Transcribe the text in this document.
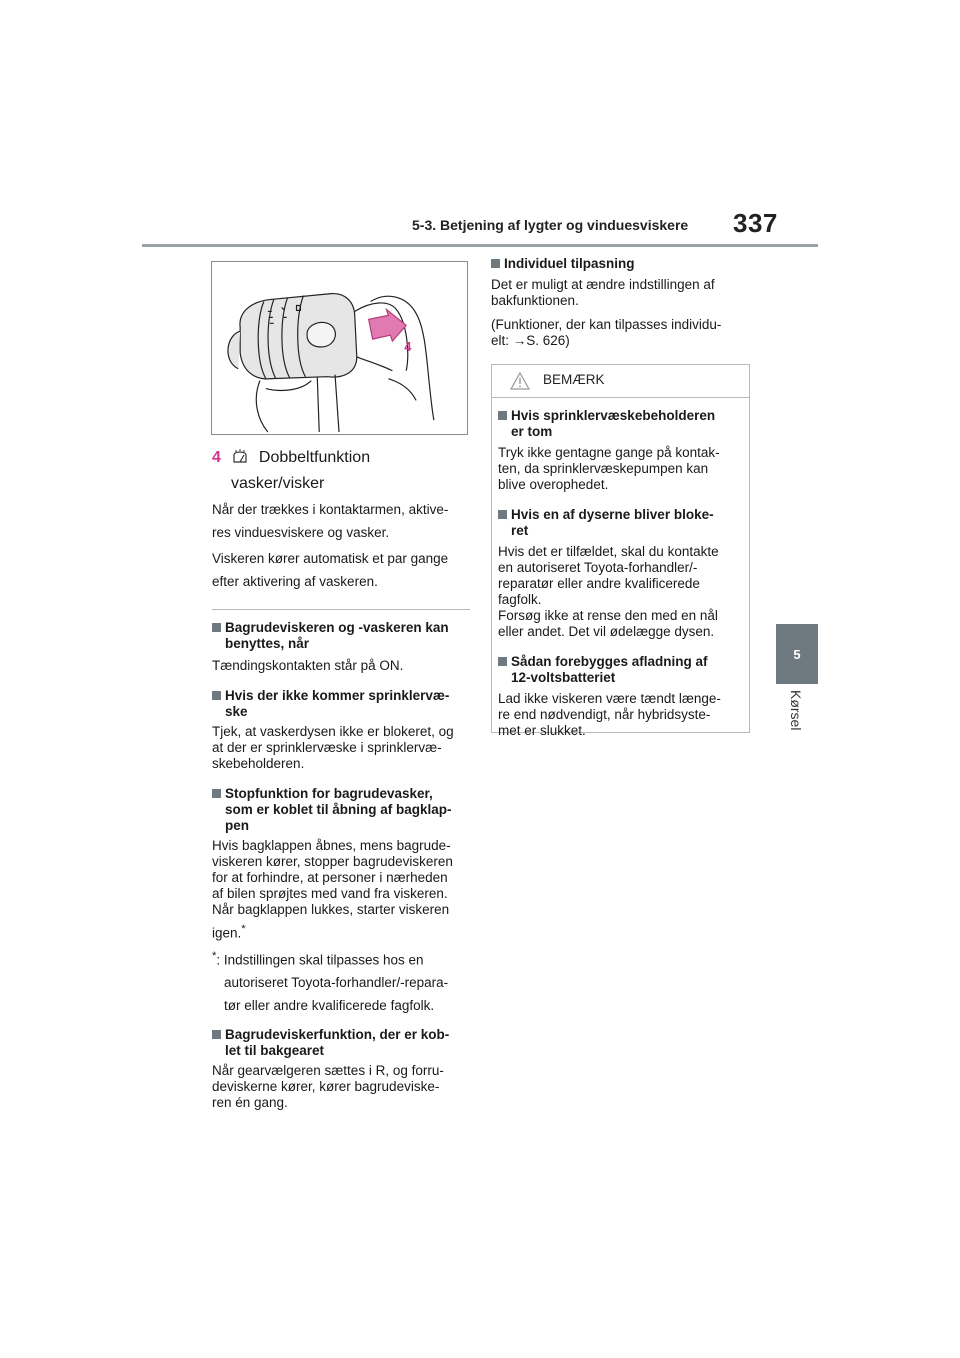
5-3. Betjening af lygter og vinduesviskere 337
5
Kørsel
4
4 Dobbeltfunktion
vasker/visker

Når der trækkes i kontaktarmen, aktive-

res vinduesviskere og vasker.

Viskeren kører automatisk et par gange

efter aktivering af vaskeren.

Bagrudeviskeren og -vaskeren kan
benyttes, når

Tændingskontakten står på ON.

Hvis der ikke kommer sprinklervæ-
ske

Tjek, at vaskerdysen ikke er blokeret, og

at der er sprinklervæske i sprinklervæ-

skebeholderen.

Stopfunktion for bagrudevasker,
som er koblet til åbning af bagklap-
pen

Hvis bagklappen åbnes, mens bagrude-

viskeren kører, stopper bagrudeviskeren

for at forhindre, at personer i nærheden

af bilen sprøjtes med vand fra viskeren.

Når bagklappen lukkes, starter viskeren

igen.*

*: Indstillingen skal tilpasses hos en

autoriseret Toyota-forhandler/-repara-

tør eller andre kvalificerede fagfolk.

Bagrudeviskerfunktion, der er kob-
let til bakgearet

Når gearvælgeren sættes i R, og forru-

deviskerne kører, kører bagrudeviske-

ren én gang.

Individuel tilpasning

Det er muligt at ændre indstillingen af

bakfunktionen.

(Funktioner, der kan tilpasses individu-

elt: →S. 626)

BEMÆRK
Hvis sprinklervæskebeholderen
er tom

Tryk ikke gentagne gange på kontak-

ten, da sprinklervæskepumpen kan

blive overophedet.

Hvis en af dyserne bliver bloke-
ret

Hvis det er tilfældet, skal du kontakte

en autoriseret Toyota-forhandler/-

reparatør eller andre kvalificerede

fagfolk.

Forsøg ikke at rense den med en nål

eller andet. Det vil ødelægge dysen.

Sådan forebygges afladning af
12-voltsbatteriet

Lad ikke viskeren være tændt længe-

re end nødvendigt, når hybridsyste-

met er slukket.
